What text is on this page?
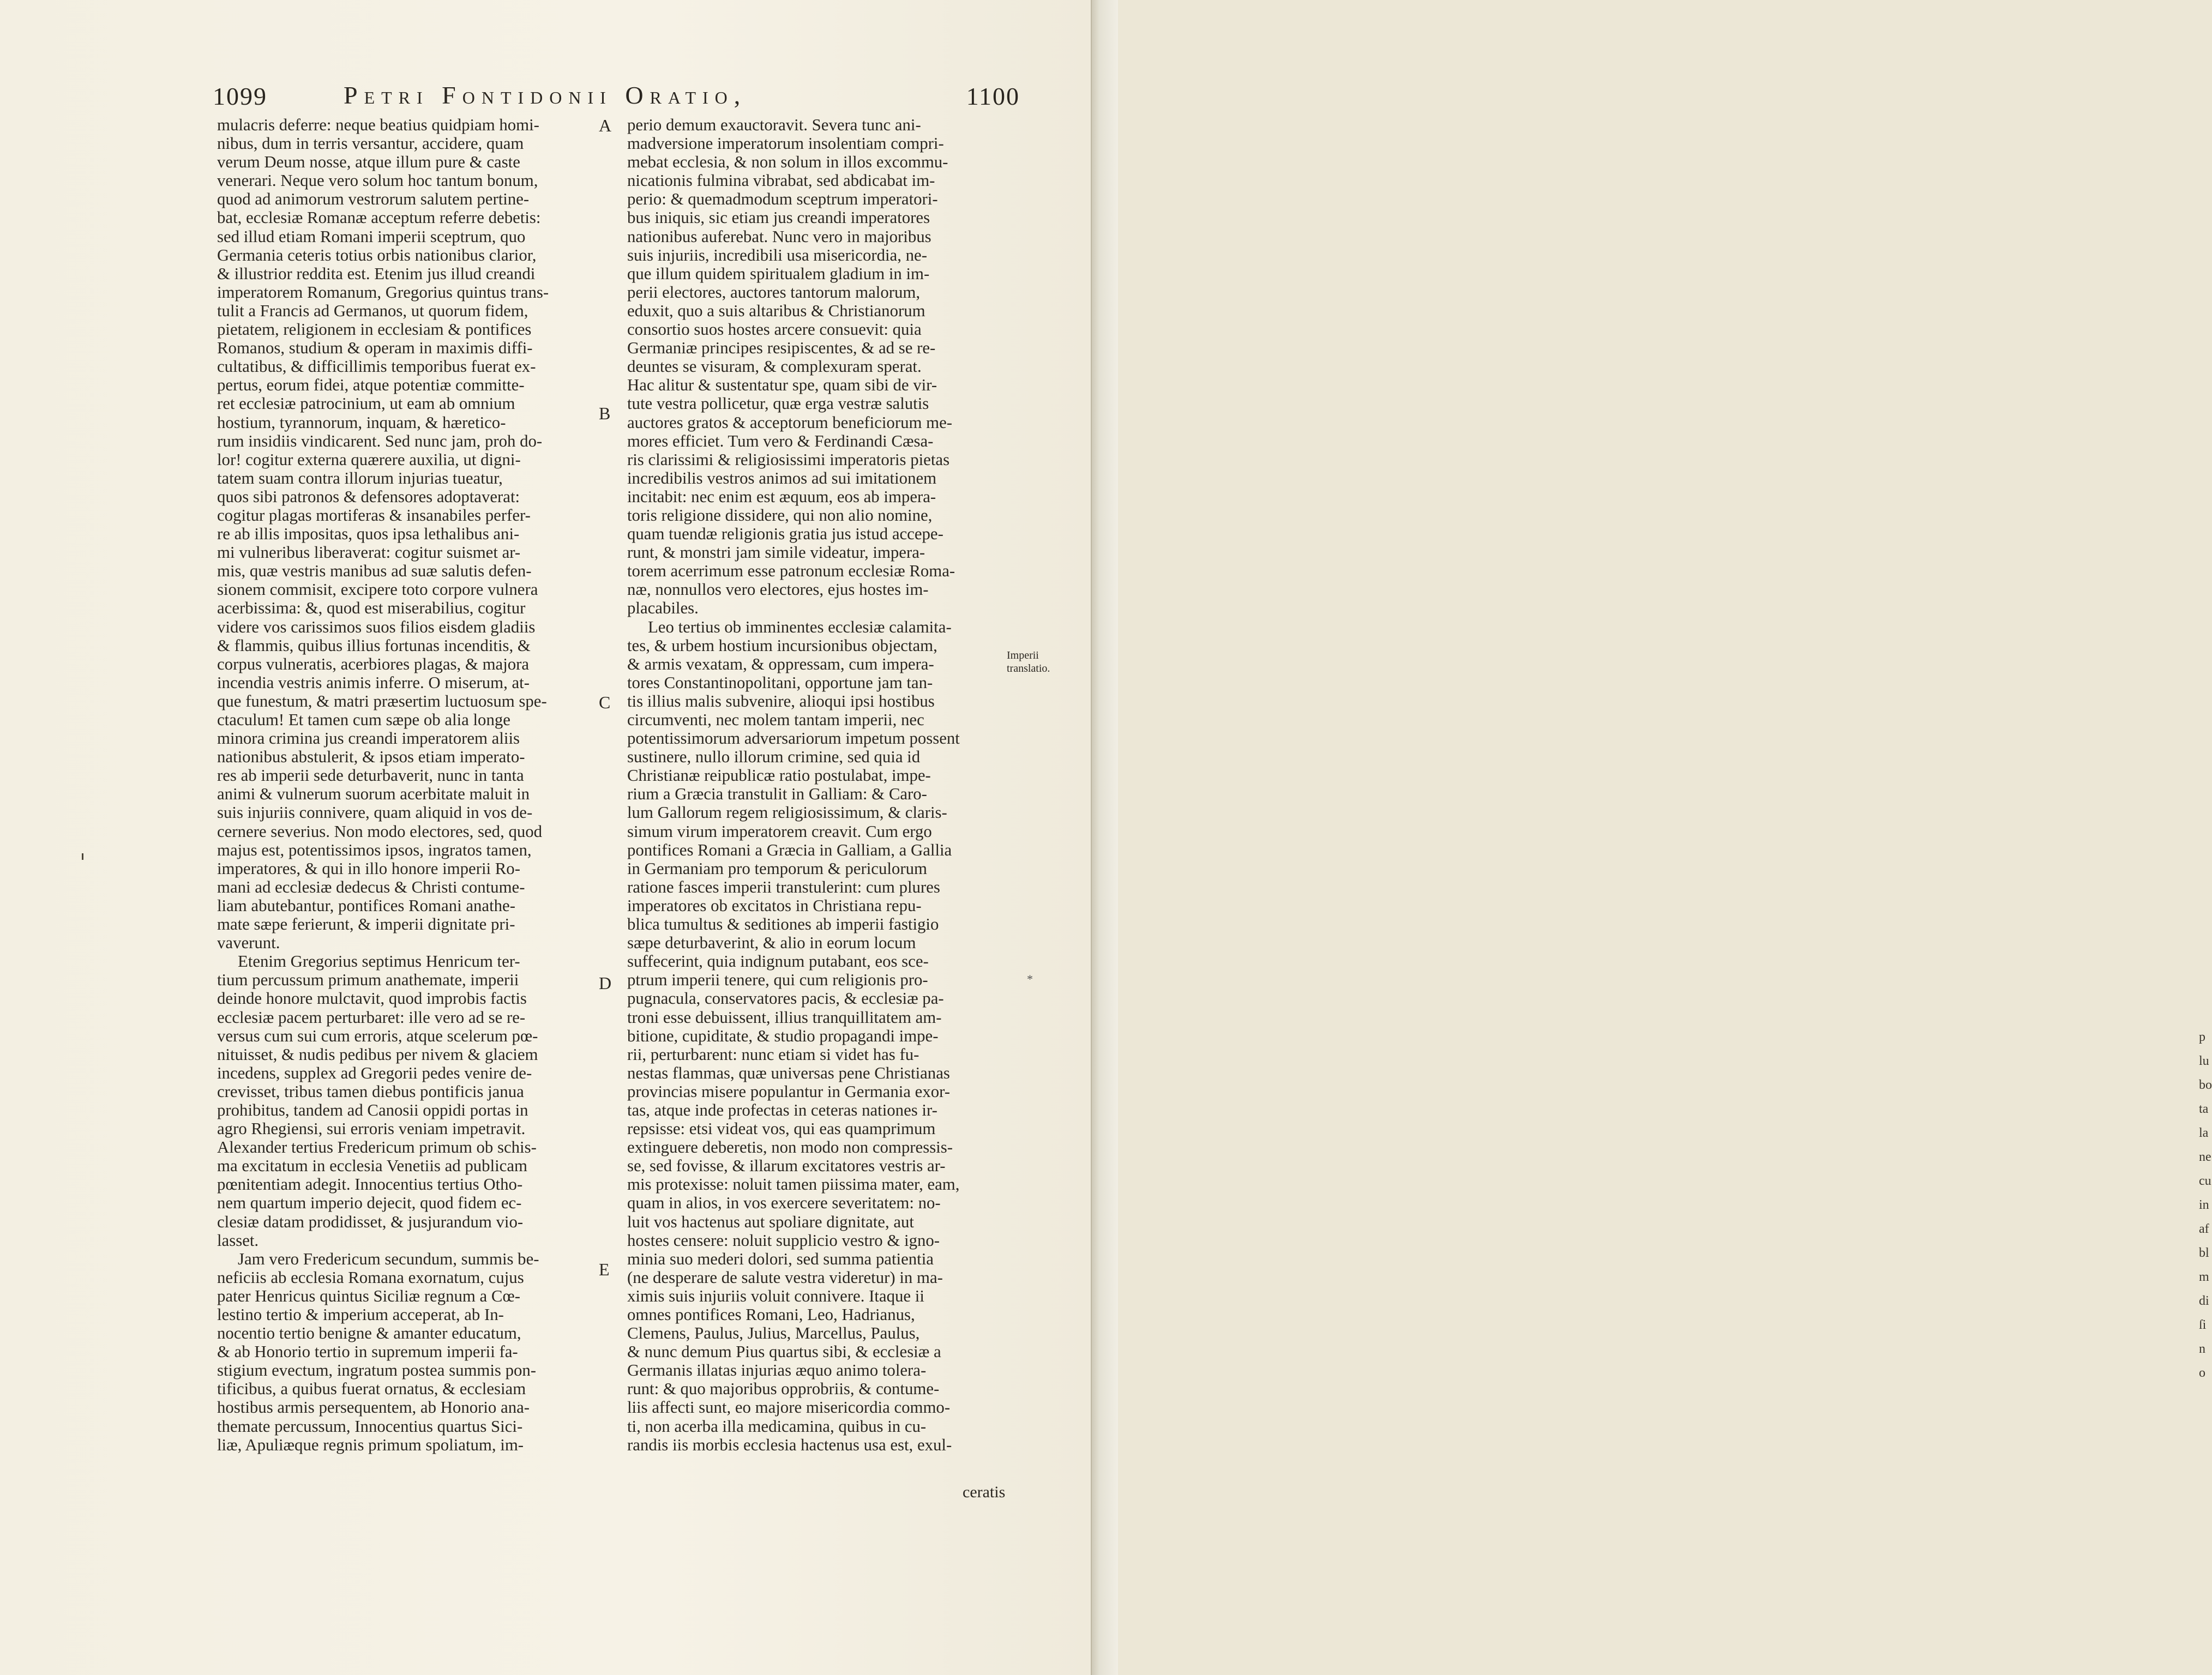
1099	Petri Fontidonii Oratio,	1100
mulacris deferre: neque beatius quidpiam homi-
nibus, dum in terris versantur, accidere, quam
verum Deum nosse, atque illum pure & caste
venerari. Neque vero solum hoc tantum bonum,
quod ad animorum vestrorum salutem pertine-
bat, ecclesiæ Romanæ acceptum referre debetis:
sed illud etiam Romani imperii sceptrum, quo
Germania ceteris totius orbis nationibus clarior,
& illustrior reddita est. Etenim jus illud creandi
imperatorem Romanum, Gregorius quintus trans-
tulit a Francis ad Germanos, ut quorum fidem,
pietatem, religionem in ecclesiam & pontifices
Romanos, studium & operam in maximis diffi-
cultatibus, & difficillimis temporibus fuerat ex-
pertus, eorum fidei, atque potentiæ committe-
ret ecclesiæ patrocinium, ut eam ab omnium
hostium, tyrannorum, inquam, & hæretico-
rum insidiis vindicarent. Sed nunc jam, proh do-
lor! cogitur externa quærere auxilia, ut digni-
tatem suam contra illorum injurias tueatur,
quos sibi patronos & defensores adoptaverat:
cogitur plagas mortiferas & insanabiles perfer-
re ab illis impositas, quos ipsa lethalibus ani-
mi vulneribus liberaverat: cogitur suismet ar-
mis, quæ vestris manibus ad suæ salutis defen-
sionem commisit, excipere toto corpore vulnera
acerbissima: &, quod est miserabilius, cogitur
videre vos carissimos suos filios eisdem gladiis
& flammis, quibus illius fortunas incenditis, &
corpus vulneratis, acerbiores plagas, & majora
incendia vestris animis inferre. O miserum, at-
que funestum, & matri præsertim luctuosum spe-
ctaculum! Et tamen cum sæpe ob alia longe
minora crimina jus creandi imperatorem aliis
nationibus abstulerit, & ipsos etiam imperato-
res ab imperii sede deturbaverit, nunc in tanta
animi & vulnerum suorum acerbitate maluit in
suis injuriis connivere, quam aliquid in vos de-
cernere severius. Non modo electores, sed, quod
majus est, potentissimos ipsos, ingratos tamen,
imperatores, & qui in illo honore imperii Ro-
mani ad ecclesiæ dedecus & Christi contume-
liam abutebantur, pontifices Romani anathe-
mate sæpe ferierunt, & imperii dignitate pri-
vaverunt.
Etenim Gregorius septimus Henricum ter-
tium percussum primum anathemate, imperii
deinde honore mulctavit, quod improbis factis
ecclesiæ pacem perturbaret: ille vero ad se re-
versus cum sui cum erroris, atque scelerum pœ-
nituisset, & nudis pedibus per nivem & glaciem
incedens, supplex ad Gregorii pedes venire de-
crevisset, tribus tamen diebus pontificis janua
prohibitus, tandem ad Canosii oppidi portas in
agro Rhegiensi, sui erroris veniam impetravit.
Alexander tertius Fredericum primum ob schis-
ma excitatum in ecclesia Venetiis ad publicam
pœnitentiam adegit. Innocentius tertius Otho-
nem quartum imperio dejecit, quod fidem ec-
clesiæ datam prodidisset, & jusjurandum vio-
lasset.
Jam vero Fredericum secundum, summis be-
neficiis ab ecclesia Romana exornatum, cujus
pater Henricus quintus Siciliæ regnum a Cœ-
lestino tertio & imperium acceperat, ab In-
nocentio tertio benigne & amanter educatum,
& ab Honorio tertio in supremum imperii fa-
stigium evectum, ingratum postea summis pon-
tificibus, a quibus fuerat ornatus, & ecclesiam
hostibus armis persequentem, ab Honorio ana-
themate percussum, Innocentius quartus Sici-
liæ, Apuliæque regnis primum spoliatum, im-
perio demum exauctoravit. Severa tunc ani-
madversione imperatorum insolentiam compri-
mebat ecclesia, & non solum in illos excommu-
nicationis fulmina vibrabat, sed abdicabat im-
perio: & quemadmodum sceptrum imperatori-
bus iniquis, sic etiam jus creandi imperatores
nationibus auferebat. Nunc vero in majoribus
suis injuriis, incredibili usa misericordia, ne-
que illum quidem spiritualem gladium in im-
perii electores, auctores tantorum malorum,
eduxit, quo a suis altaribus & Christianorum
consortio suos hostes arcere consuevit: quia
Germaniæ principes resipiscentes, & ad se re-
deuntes se visuram, & complexuram sperat.
Hac alitur & sustentatur spe, quam sibi de vir-
tute vestra pollicetur, quæ erga vestræ salutis
auctores gratos & acceptorum beneficiorum me-
mores efficiet. Tum vero & Ferdinandi Cæsa-
ris clarissimi & religiosissimi imperatoris pietas
incredibilis vestros animos ad sui imitationem
incitabit: nec enim est æquum, eos ab impera-
toris religione dissidere, qui non alio nomine,
quam tuendæ religionis gratia jus istud accepe-
runt, & monstri jam simile videatur, impera-
torem acerrimum esse patronum ecclesiæ Roma-
næ, nonnullos vero electores, ejus hostes im-
placabiles.
Leo tertius ob imminentes ecclesiæ calamita-
tes, & urbem hostium incursionibus objectam,
& armis vexatam, & oppressam, cum impera-
tores Constantinopolitani, opportune jam tan-
tis illius malis subvenire, alioqui ipsi hostibus
circumventi, nec molem tantam imperii, nec
potentissimorum adversariorum impetum possent
sustinere, nullo illorum crimine, sed quia id
Christianæ reipublicæ ratio postulabat, impe-
rium a Græcia transtulit in Galliam: & Caro-
lum Gallorum regem religiosissimum, & claris-
simum virum imperatorem creavit. Cum ergo
pontifices Romani a Græcia in Galliam, a Gallia
in Germaniam pro temporum & periculorum
ratione fasces imperii transtulerint: cum plures
imperatores ob excitatos in Christiana repu-
blica tumultus & seditiones ab imperii fastigio
sæpe deturbaverint, & alio in eorum locum
suffecerint, quia indignum putabant, eos sce-
ptrum imperii tenere, qui cum religionis pro-
pugnacula, conservatores pacis, & ecclesiæ pa-
troni esse debuissent, illius tranquillitatem am-
bitione, cupiditate, & studio propagandi impe-
rii, perturbarent: nunc etiam si videt has fu-
nestas flammas, quæ universas pene Christianas
provincias misere populantur in Germania exor-
tas, atque inde profectas in ceteras nationes ir-
repsisse: etsi videat vos, qui eas quamprimum
extinguere deberetis, non modo non compressis-
se, sed fovisse, & illarum excitatores vestris ar-
mis protexisse: noluit tamen piissima mater, eam,
quam in alios, in vos exercere severitatem: no-
luit vos hactenus aut spoliare dignitate, aut
hostes censere: noluit supplicio vestro & igno-
minia suo mederi dolori, sed summa patientia
(ne desperare de salute vestra videretur) in ma-
ximis suis injuriis voluit connivere. Itaque ii
omnes pontifices Romani, Leo, Hadrianus,
Clemens, Paulus, Julius, Marcellus, Paulus,
& nunc demum Pius quartus sibi, & ecclesiæ a
Germanis illatas injurias æquo animo tolera-
runt: & quo majoribus opprobriis, & contume-
liis affecti sunt, eo majore misericordia commo-
ti, non acerba illa medicamina, quibus in cu-
randis iis morbis ecclesia hactenus usa est, exul-
A
B
C
D
E
Imperii
translatio.
*
ceratis
p
lu
bo
ta
la
ne
cu
in
af
bl
m
di
ſi
n
o
